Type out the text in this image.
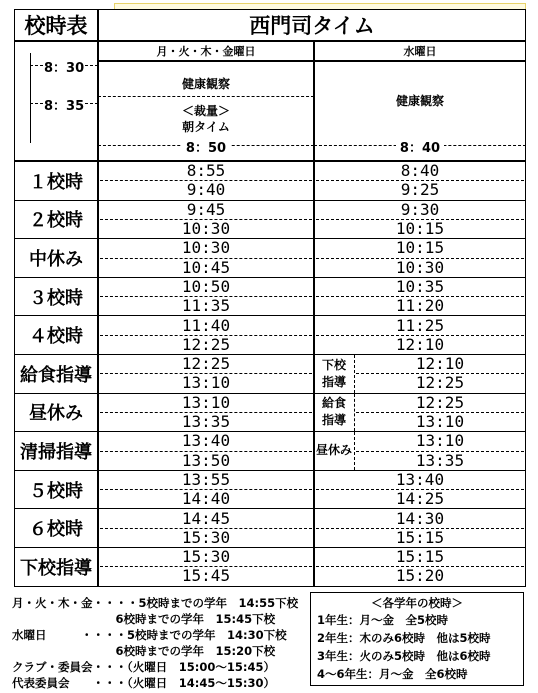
校時表	西門司タイム
月・火・木・金曜日	水曜日
8：30
8：35
健康観察
＜裁量＞
朝タイム
8：50
健康観察
8：40
１校時
8:55
9:40
8:40
9:25
２校時
9:45
10:30
9:30
10:15
中休み
10:30
10:45
10:15
10:30
３校時
10:50
11:35
10:35
11:20
４校時
11:40
12:25
11:25
12:10
給食指導
12:25
13:10
12:10
12:25
下校
指導
昼休み
13:10
13:35
12:25
13:10
給食
指導
清掃指導
13:40
13:50
13:10
13:35
昼休み
５校時
13:55
14:40
13:40
14:25
６校時
14:45
15:30
14:30
15:15
下校指導
15:30
15:45
15:15
15:20
月・火・木・金・・・・5校時までの学年　14:55下校
　　　　　　　　　6校時までの学年　15:45下校
水曜日　　　・・・・5校時までの学年　14:30下校
　　　　　　　　　6校時までの学年　15:20下校
クラブ・委員会・・・（火曜日　15:00～15:45）
代表委員会　　・・・（火曜日　14:45～15:30）
＜各学年の校時＞
1年生：月～金　全5校時
2年生：木のみ6校時　他は5校時
3年生：火のみ5校時　他は6校時
4～6年生：月～金　全6校時
